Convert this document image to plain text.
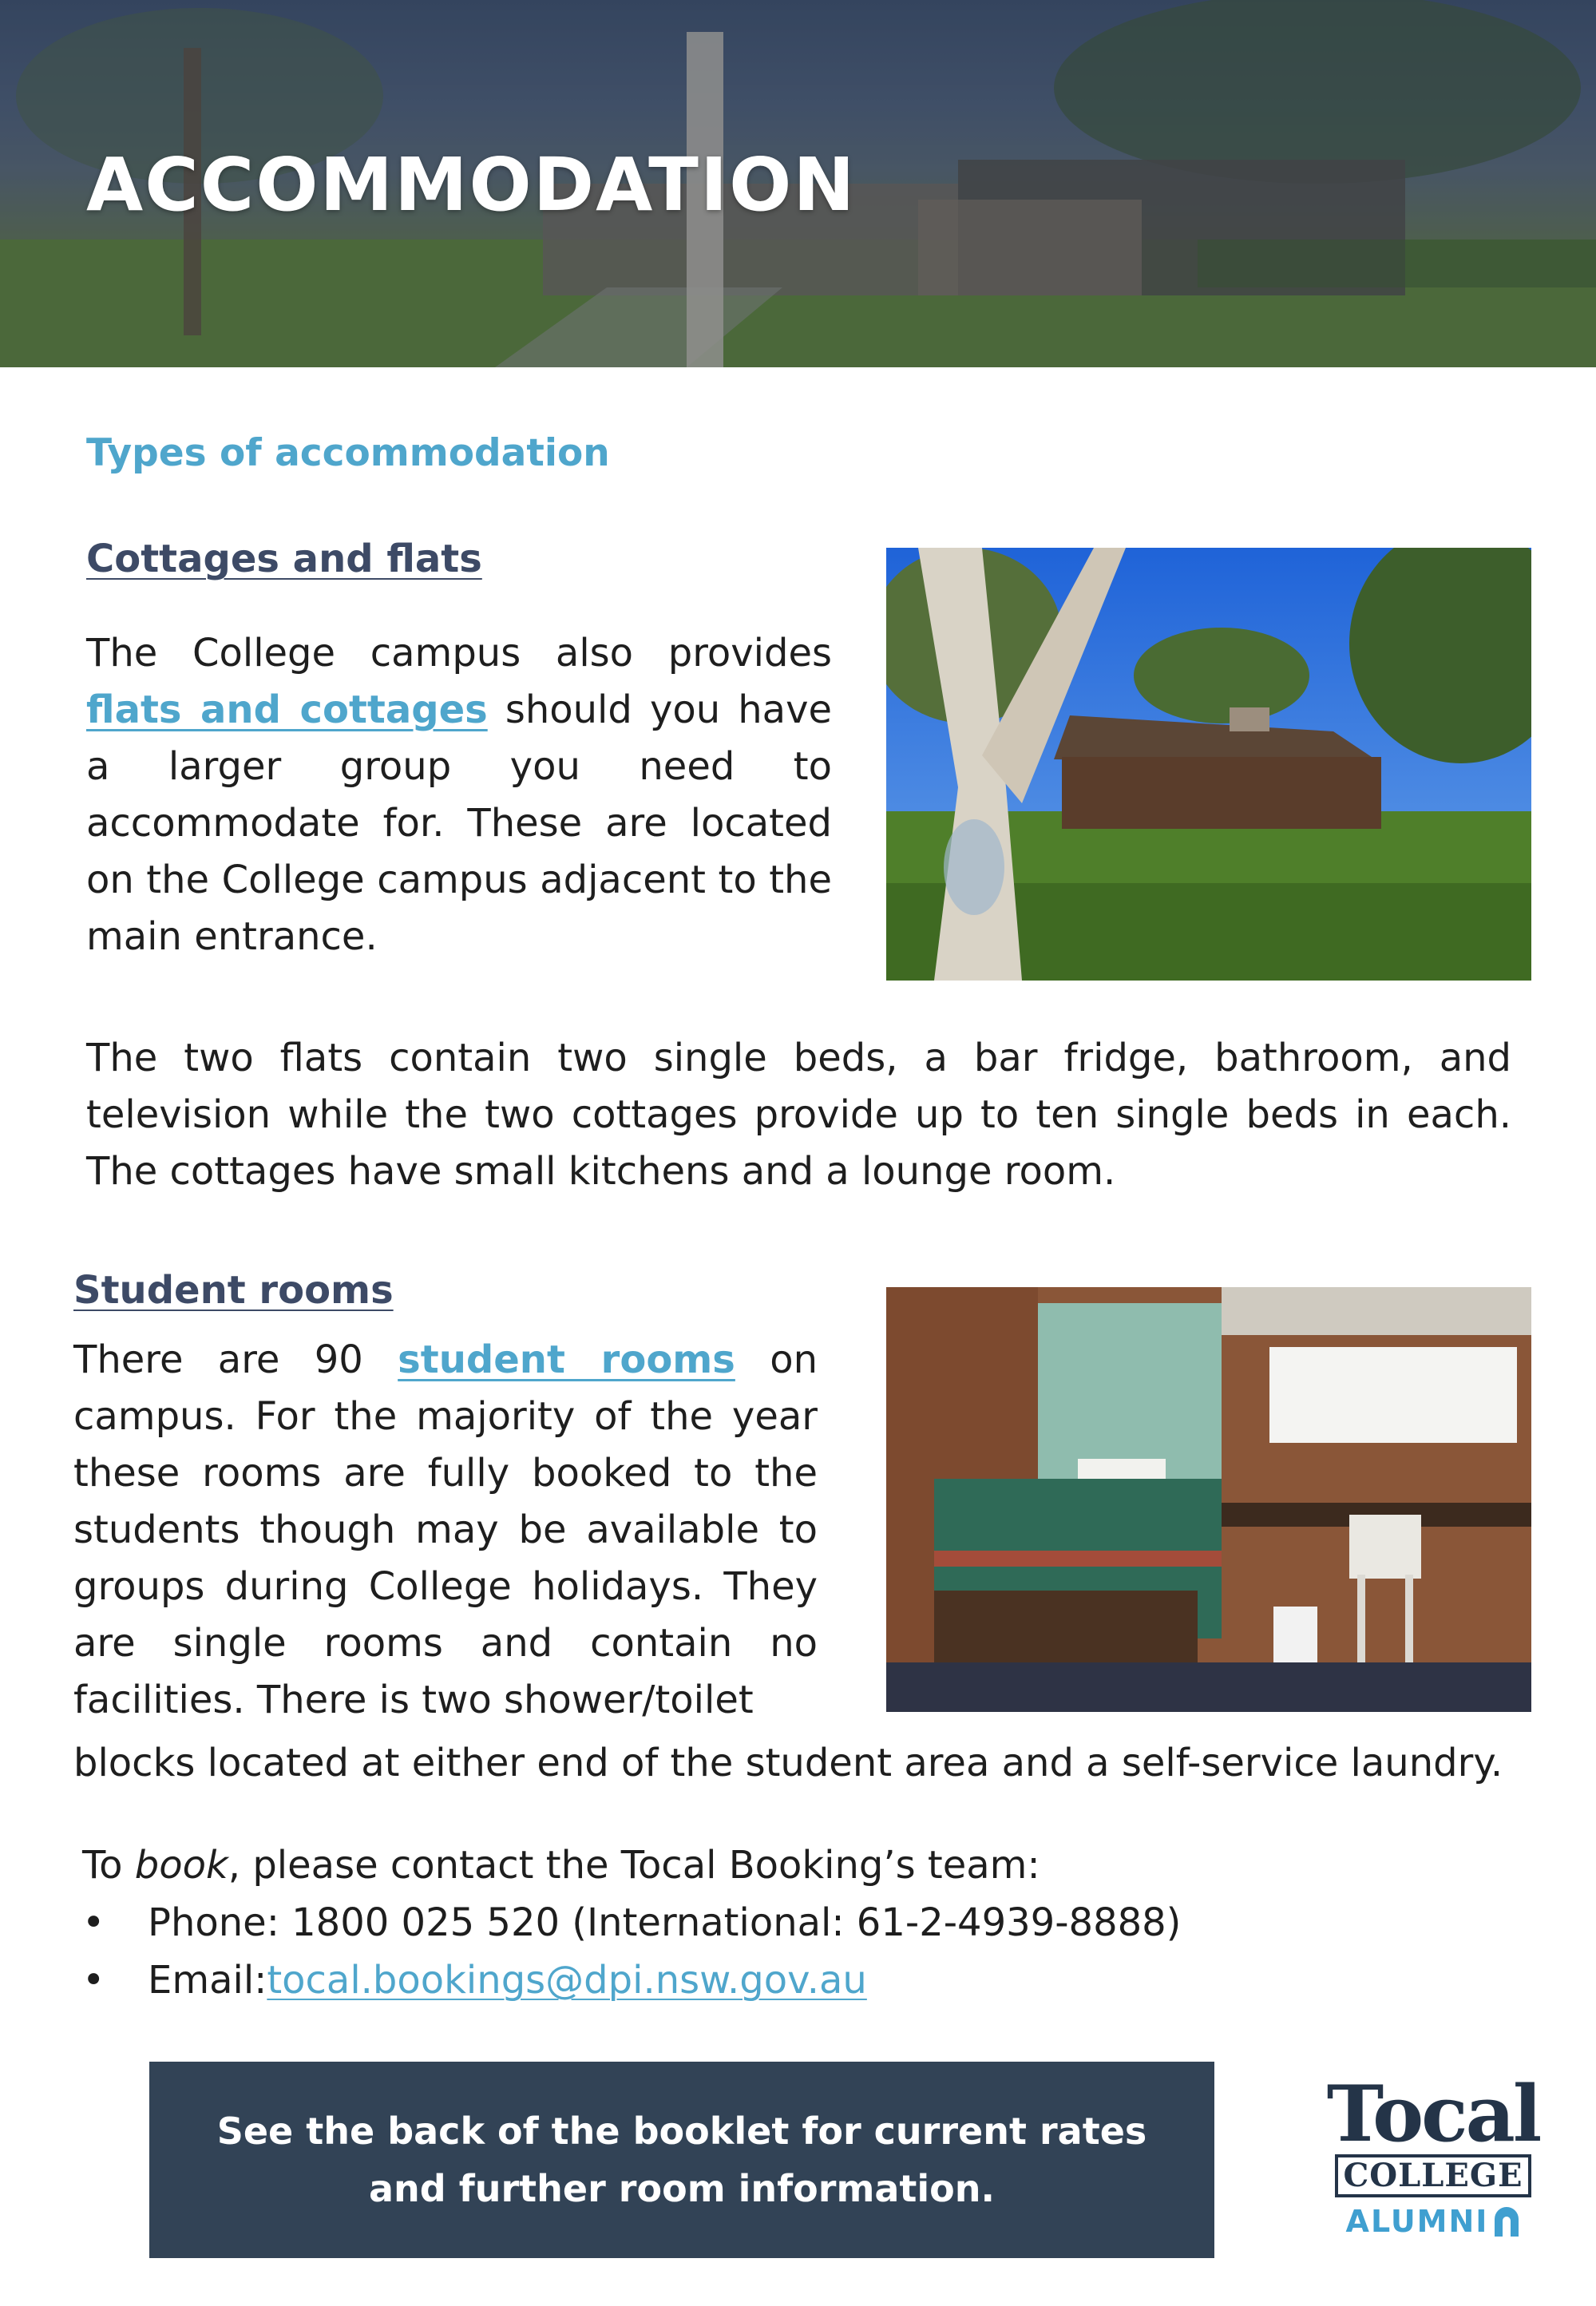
ACCOMMODATION
Types of accommodation
Cottages and flats

The College campus also provides flats and cottages should you have a larger group you need to accommodate for. These are located on the College campus adjacent to the main entrance.

The two flats contain two single beds, a bar fridge, bathroom, and television while the two cottages provide up to ten single beds in each. The cottages have small kitchens and a lounge room.

Student rooms

There are 90 student rooms on campus. For the majority of the year these rooms are fully booked to the students though may be available to groups during College holidays. They are single rooms and contain no facilities. There is two shower/toilet

blocks located at either end of the student area and a self-service laundry.

To book, please contact the Tocal Booking’s team:
•	Phone: 1800 025 520 (International: 61-2-4939-8888)
•	Email: tocal.bookings@dpi.nsw.gov.au
See the back of the booklet for current rates
and further room information.
Tocal
COLLEGE
ALUMNI
